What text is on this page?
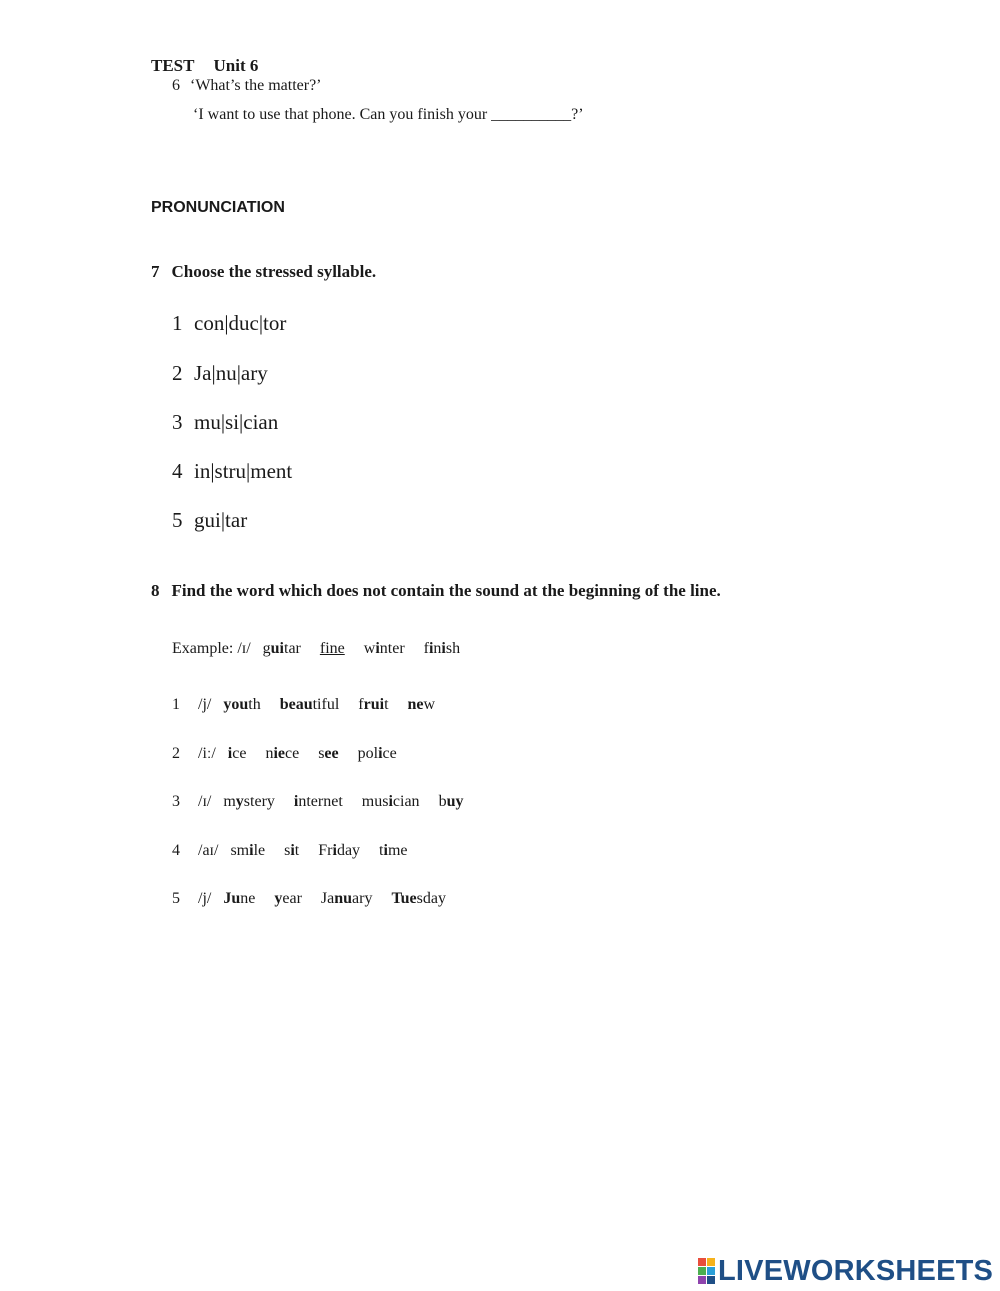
TEST Unit 6
6 ‘What’s the matter?’
‘I want to use that phone. Can you finish your __________?’
PRONUNCIATION
7 Choose the stressed syllable.
1 con|duc|tor
2 Ja|nu|ary
3 mu|si|cian
4 in|stru|ment
5 gui|tar
8 Find the word which does not contain the sound at the beginning of the line.
Example: /ɪ/ guitar fine winter finish
1 /j/ youth beautiful fruit new
2 /iː/ ice niece see police
3 /ɪ/ mystery internet musician buy
4 /aɪ/ smile sit Friday time
5 /j/ June year January Tuesday
LIVEWORKSHEETS
